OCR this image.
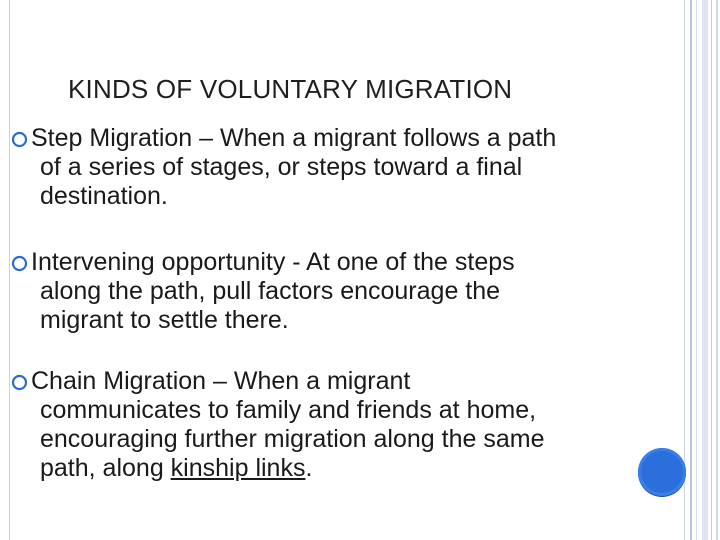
KINDS OF VOLUNTARY MIGRATION
Step Migration – When a migrant follows a path
of a series of stages, or steps toward a final
destination.
Intervening opportunity - At one of the steps
along the path, pull factors encourage the
migrant to settle there.
Chain Migration – When a migrant
communicates to family and friends at home,
encouraging further migration along the same
path, along kinship links.
